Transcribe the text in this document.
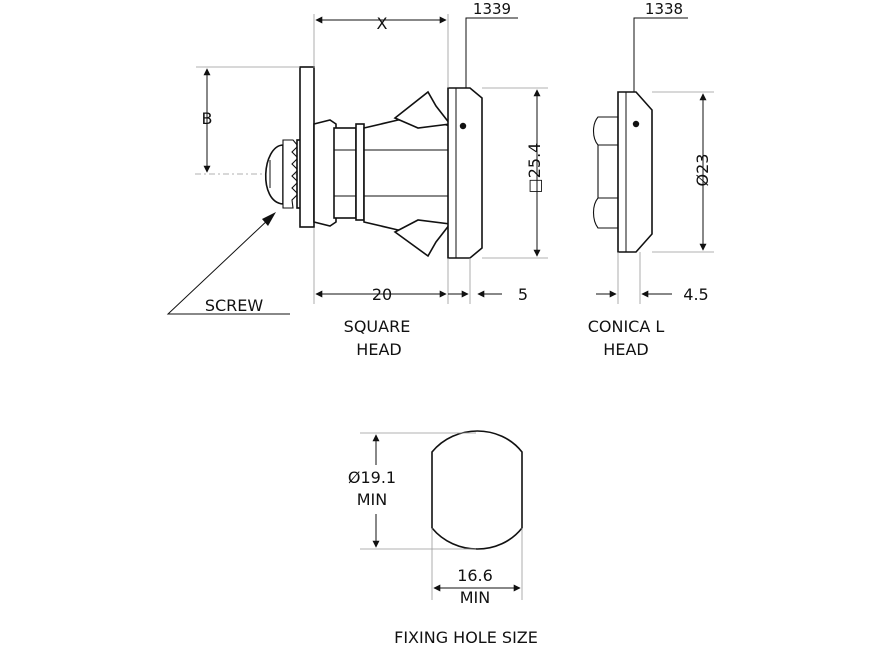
X
B
1339
□25.4
20	5
SCREW
SQUARE
HEAD
1338
Ø23
4.5
CONICA L
HEAD
Ø19.1
MIN
16.6
MIN
FIXING HOLE SIZE
